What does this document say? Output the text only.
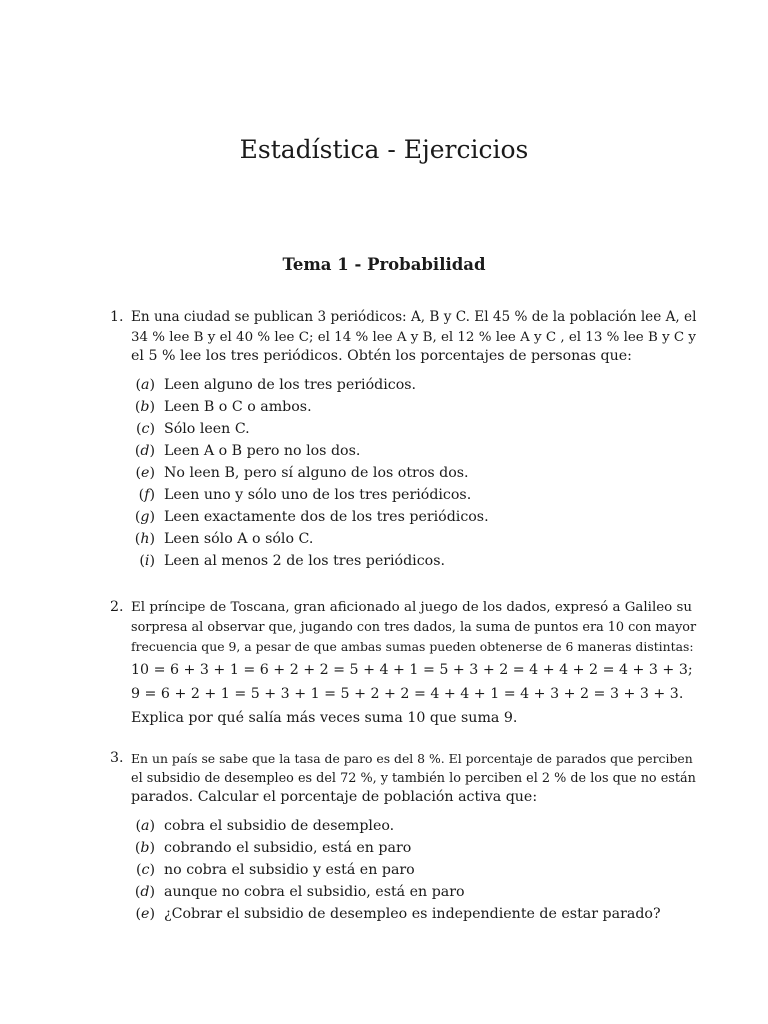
Estadística - Ejercicios
Tema 1 - Probabilidad
1. En una ciudad se publican 3 periódicos: A, B y C. El 45 % de la población lee A, el
34 % lee B y el 40 % lee C; el 14 % lee A y B, el 12 % lee A y C , el 13 % lee B y C y
el 5 % lee los tres periódicos. Obtén los porcentajes de personas que:
(a) Leen alguno de los tres periódicos.
(b) Leen B o C o ambos.
(c) Sólo leen C.
(d) Leen A o B pero no los dos.
(e) No leen B, pero sí alguno de los otros dos.
(f) Leen uno y sólo uno de los tres periódicos.
(g) Leen exactamente dos de los tres periódicos.
(h) Leen sólo A o sólo C.
(i) Leen al menos 2 de los tres periódicos.
2. El príncipe de Toscana, gran aficionado al juego de los dados, expresó a Galileo su
sorpresa al observar que, jugando con tres dados, la suma de puntos era 10 con mayor
frecuencia que 9, a pesar de que ambas sumas pueden obtenerse de 6 maneras distintas:
10 = 6 + 3 + 1 = 6 + 2 + 2 = 5 + 4 + 1 = 5 + 3 + 2 = 4 + 4 + 2 = 4 + 3 + 3;
9 = 6 + 2 + 1 = 5 + 3 + 1 = 5 + 2 + 2 = 4 + 4 + 1 = 4 + 3 + 2 = 3 + 3 + 3.
Explica por qué salía más veces suma 10 que suma 9.
3. En un país se sabe que la tasa de paro es del 8 %. El porcentaje de parados que perciben
el subsidio de desempleo es del 72 %, y también lo perciben el 2 % de los que no están
parados. Calcular el porcentaje de población activa que:
(a) cobra el subsidio de desempleo.
(b) cobrando el subsidio, está en paro
(c) no cobra el subsidio y está en paro
(d) aunque no cobra el subsidio, está en paro
(e) ¿Cobrar el subsidio de desempleo es independiente de estar parado?
